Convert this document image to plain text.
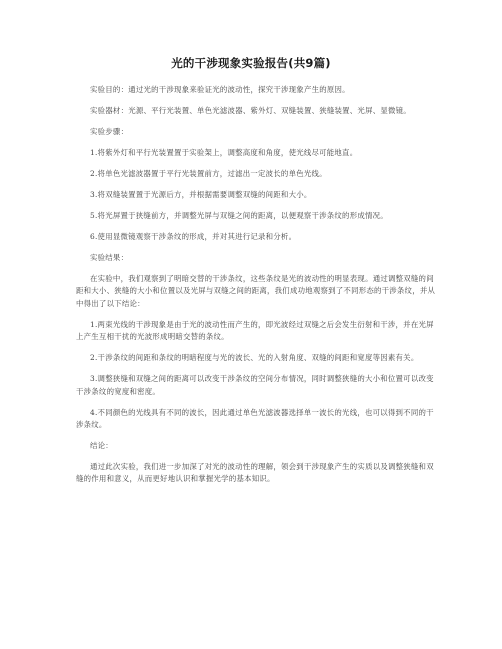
光的干涉现象实验报告(共9篇)

实验目的：通过光的干涉现象来验证光的波动性，探究干涉现象产生的原因。

实验器材：光源、平行光装置、单色光滤波器、紫外灯、双缝装置、狭缝装置、光屏、显微镜。

实验步骤：

1.将紫外灯和平行光装置置于实验架上，调整高度和角度，使光线尽可能地直。

2.将单色光滤波器置于平行光装置前方，过滤出一定波长的单色光线。

3.将双缝装置置于光源后方，并根据需要调整双缝的间距和大小。

5.将光屏置于狭缝前方，并调整光屏与双缝之间的距离，以便观察干涉条纹的形成情况。

6.使用显微镜观察干涉条纹的形成，并对其进行记录和分析。

实验结果：

在实验中，我们观察到了明暗交替的干涉条纹，这些条纹是光的波动性的明显表现。通过调整双缝的间距和大小、狭缝的大小和位置以及光屏与双缝之间的距离，我们成功地观察到了不同形态的干涉条纹，并从中得出了以下结论：

1.两束光线的干涉现象是由于光的波动性而产生的，即光波经过双缝之后会发生衍射和干涉，并在光屏上产生互相干扰的光波形成明暗交替的条纹。

2.干涉条纹的间距和条纹的明暗程度与光的波长、光的入射角度、双缝的间距和宽度等因素有关。

3.调整狭缝和双缝之间的距离可以改变干涉条纹的空间分布情况，同时调整狭缝的大小和位置可以改变干涉条纹的宽度和密度。

4.不同颜色的光线具有不同的波长，因此通过单色光滤波器选择单一波长的光线，也可以得到不同的干涉条纹。

结论：

通过此次实验，我们进一步加深了对光的波动性的理解，领会到干涉现象产生的实质以及调整狭缝和双缝的作用和意义，从而更好地认识和掌握光学的基本知识。
